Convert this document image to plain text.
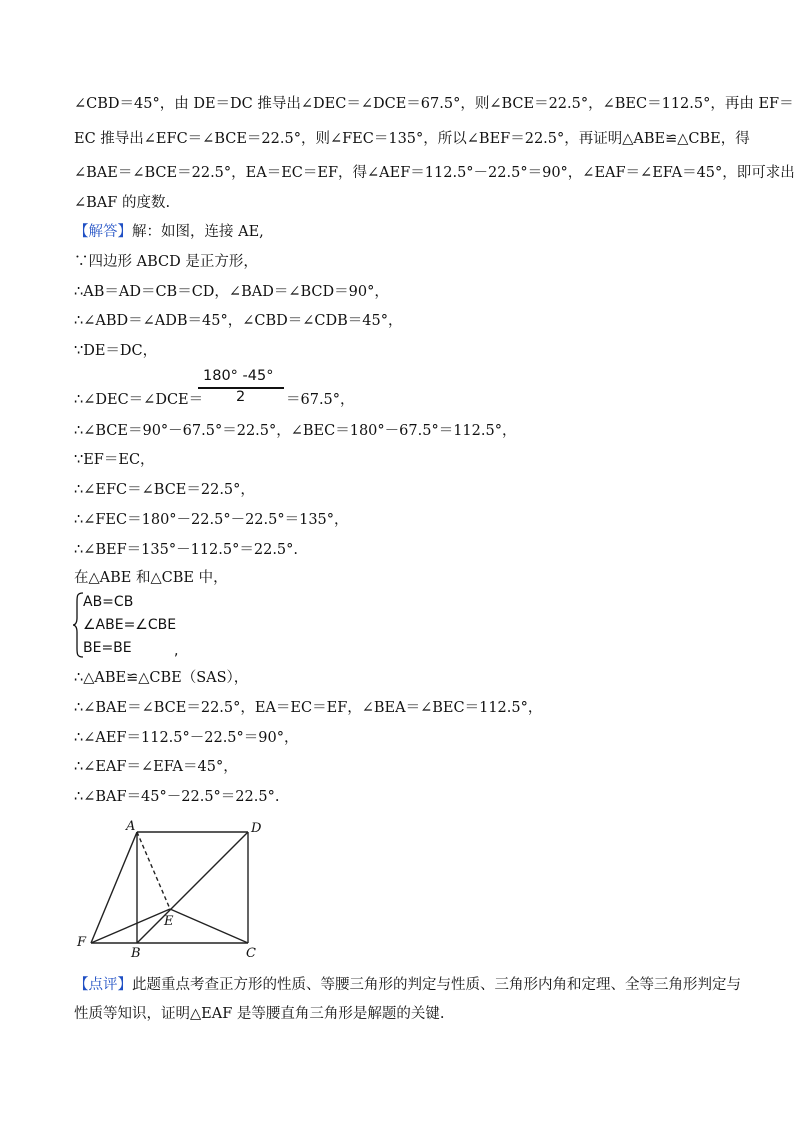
∠CBD＝45°，由 DE＝DC 推导出∠DEC＝∠DCE＝67.5°，则∠BCE＝22.5°，∠BEC＝112.5°，再由 EF＝
EC 推导出∠EFC＝∠BCE＝22.5°，则∠FEC＝135°，所以∠BEF＝22.5°，再证明△ABE≌△CBE，得
∠BAE＝∠BCE＝22.5°，EA＝EC＝EF，得∠AEF＝112.5°－22.5°＝90°，∠EAF＝∠EFA＝45°，即可求出
∠BAF 的度数.
【解答】解：如图，连接 AE,
∵四边形 ABCD 是正方形，
∴AB＝AD＝CB＝CD，∠BAD＝∠BCD＝90°，
∴∠ABD＝∠ADB＝45°，∠CBD＝∠CDB＝45°，
∵DE＝DC，
∴∠DEC＝∠DCE＝
180° -45°
2	＝67.5°，
∴∠BCE＝90°－67.5°＝22.5°，∠BEC＝180°－67.5°＝112.5°，
∵EF＝EC，
∴∠EFC＝∠BCE＝22.5°，
∴∠FEC＝180°－22.5°－22.5°＝135°，
∴∠BEF＝135°－112.5°＝22.5°.
在△ABE 和△CBE 中，
AB=CB
∠ABE=∠CBE
BE=BE	,
∴△ABE≌△CBE（SAS），
∴∠BAE＝∠BCE＝22.5°，EA＝EC＝EF，∠BEA＝∠BEC＝112.5°，
∴∠AEF＝112.5°－22.5°＝90°，
∴∠EAF＝∠EFA＝45°，
∴∠BAF＝45°－22.5°＝22.5°.
A	D
E
F
B	C
【点评】此题重点考查正方形的性质、等腰三角形的判定与性质、三角形内角和定理、全等三角形判定与
性质等知识，证明△EAF 是等腰直角三角形是解题的关键.
